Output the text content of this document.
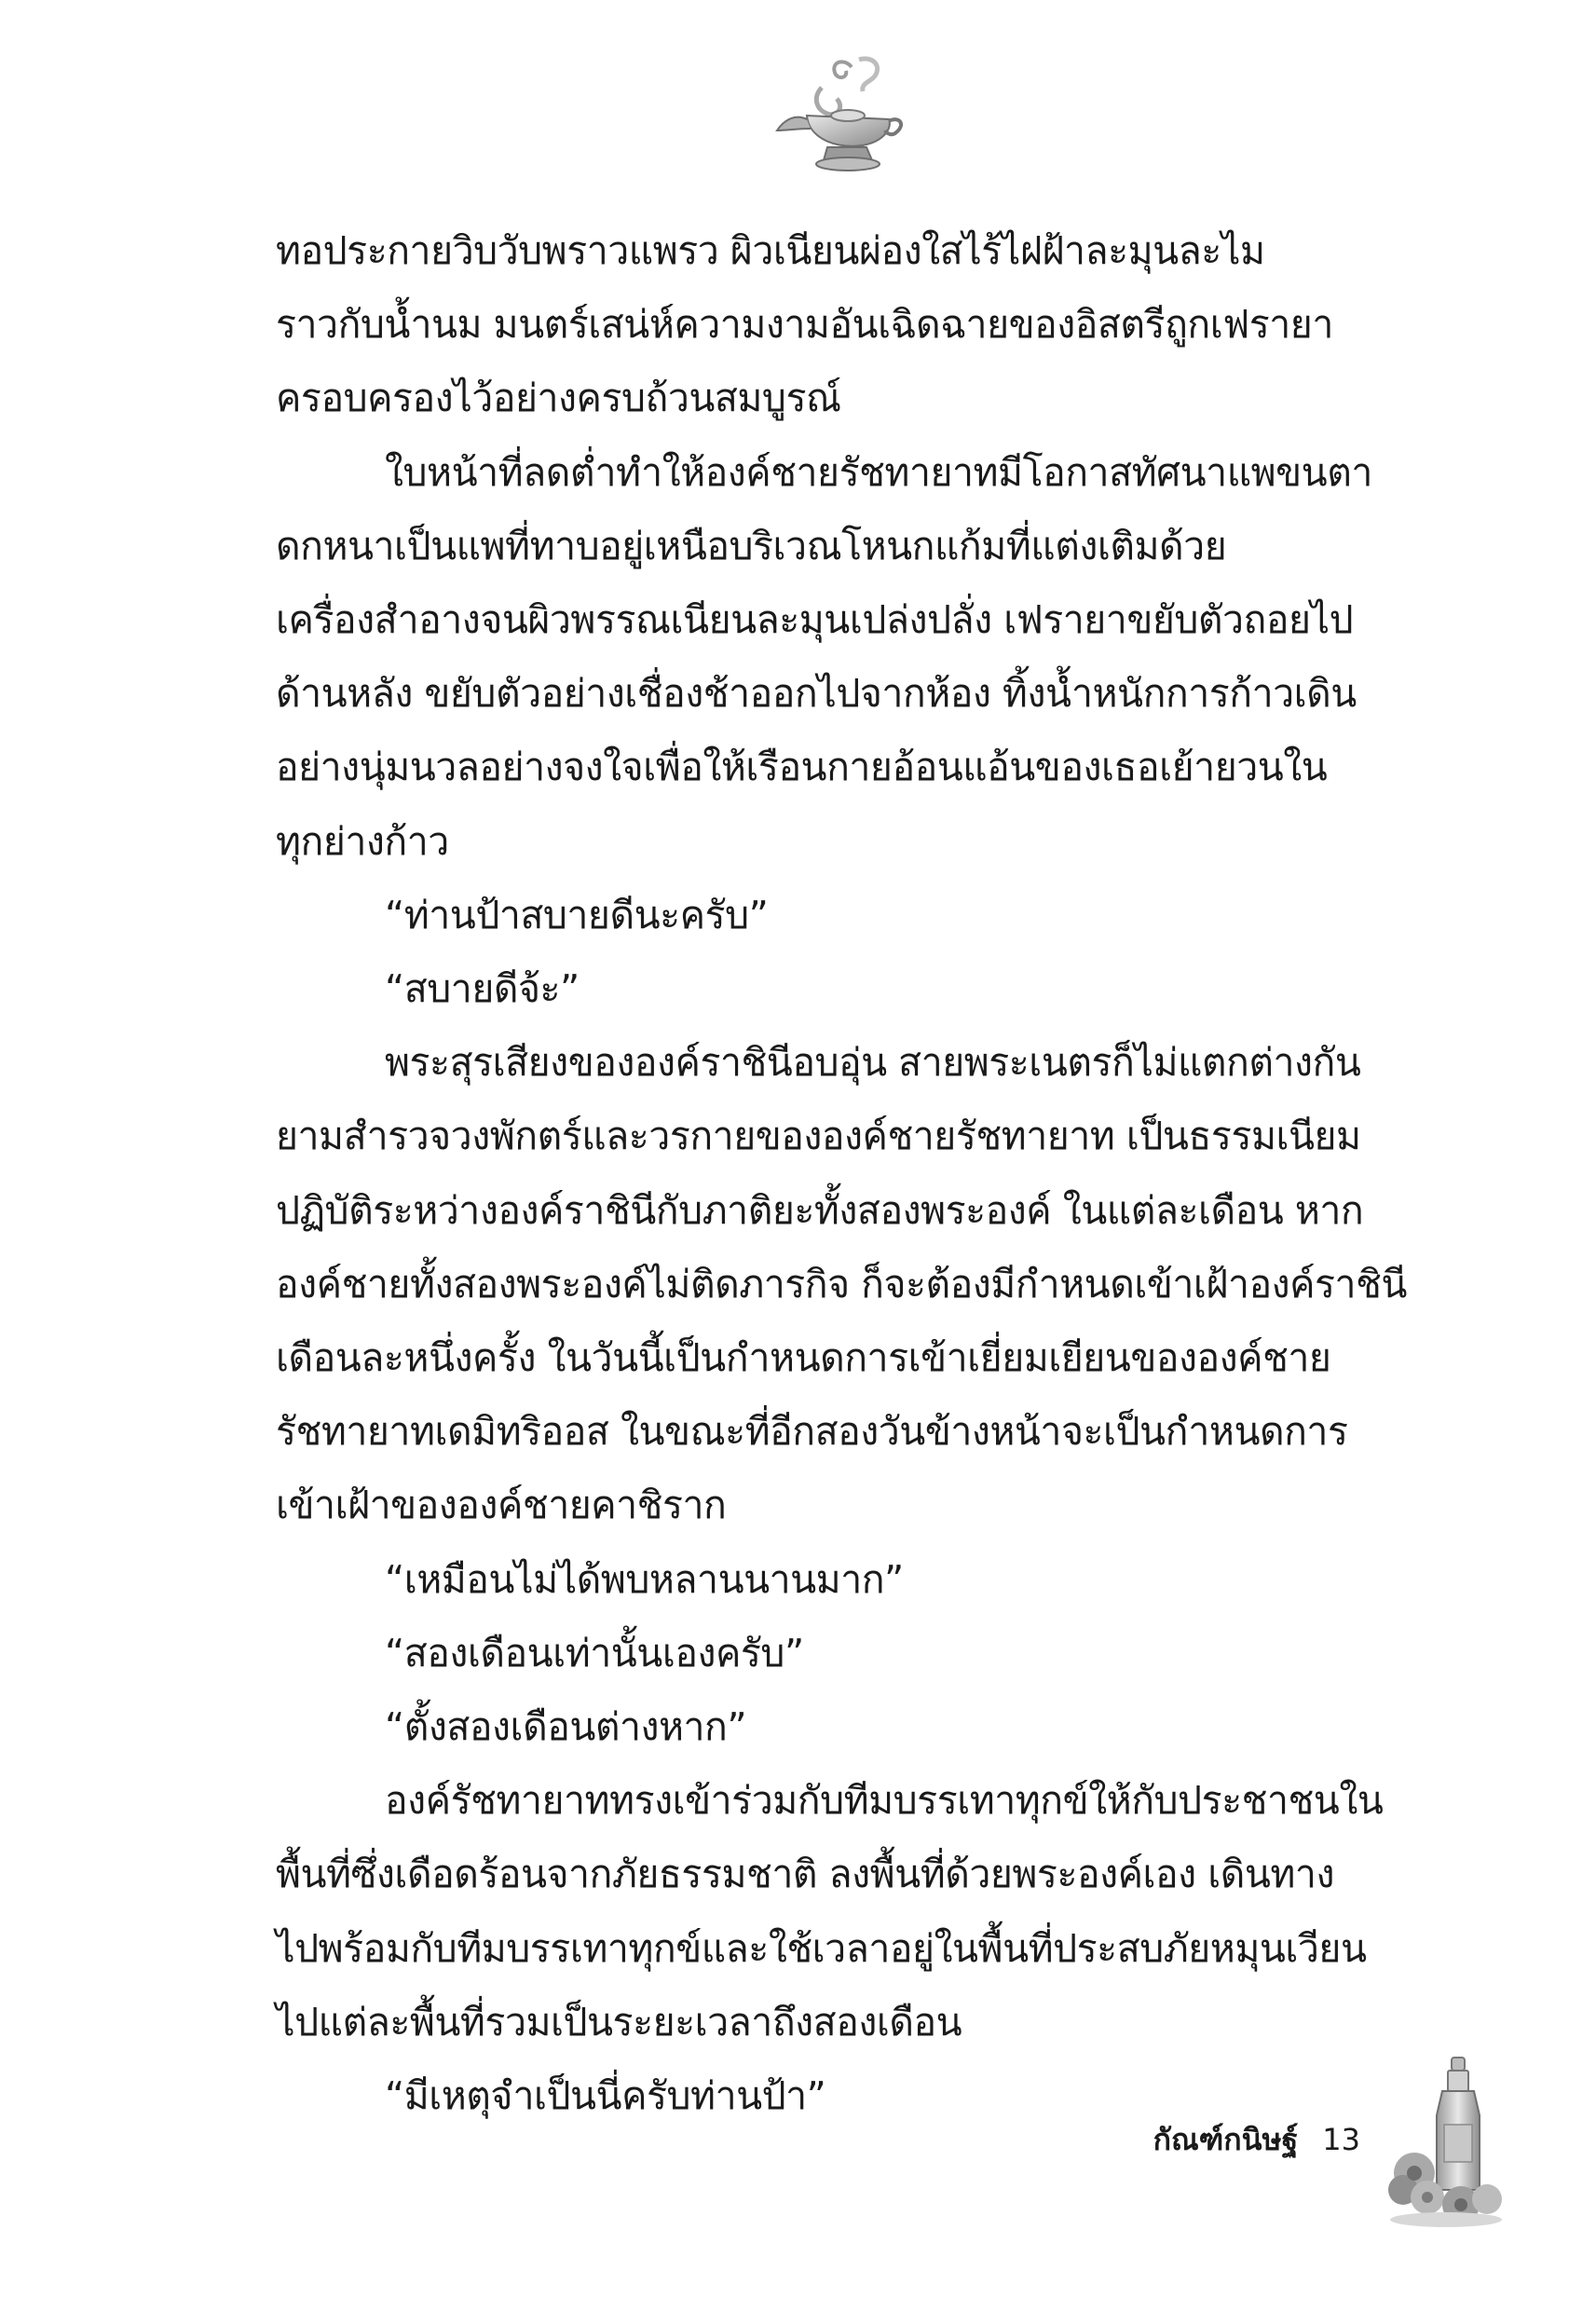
ทอประกายวิบวับพราวแพรว ผิวเนียนผ่องใสไร้ไฝฝ้าละมุนละไม

ราวกับน้ำนม มนตร์เสน่ห์ความงามอันเฉิดฉายของอิสตรีถูกเฟรายา

ครอบครองไว้อย่างครบถ้วนสมบูรณ์

ใบหน้าที่ลดต่ำทำให้องค์ชายรัชทายาทมีโอกาสทัศนาแพขนตา

ดกหนาเป็นแพที่ทาบอยู่เหนือบริเวณโหนกแก้มที่แต่งเติมด้วย

เครื่องสำอางจนผิวพรรณเนียนละมุนเปล่งปลั่ง เฟรายาขยับตัวถอยไป

ด้านหลัง ขยับตัวอย่างเชื่องช้าออกไปจากห้อง ทิ้งน้ำหนักการก้าวเดิน

อย่างนุ่มนวลอย่างจงใจเพื่อให้เรือนกายอ้อนแอ้นของเธอเย้ายวนใน

ทุกย่างก้าว

“ท่านป้าสบายดีนะครับ”

“สบายดีจ้ะ”

พระสุรเสียงขององค์ราชินีอบอุ่น สายพระเนตรก็ไม่แตกต่างกัน

ยามสำรวจวงพักตร์และวรกายขององค์ชายรัชทายาท เป็นธรรมเนียม

ปฏิบัติระหว่างองค์ราชินีกับภาติยะทั้งสองพระองค์ ในแต่ละเดือน หาก

องค์ชายทั้งสองพระองค์ไม่ติดภารกิจ ก็จะต้องมีกำหนดเข้าเฝ้าองค์ราชินี

เดือนละหนึ่งครั้ง ในวันนี้เป็นกำหนดการเข้าเยี่ยมเยียนขององค์ชาย

รัชทายาทเดมิทริออส ในขณะที่อีกสองวันข้างหน้าจะเป็นกำหนดการ

เข้าเฝ้าขององค์ชายคาชิราก

“เหมือนไม่ได้พบหลานนานมาก”

“สองเดือนเท่านั้นเองครับ”

“ตั้งสองเดือนต่างหาก”

องค์รัชทายาททรงเข้าร่วมกับทีมบรรเทาทุกข์ให้กับประชาชนใน

พื้นที่ซึ่งเดือดร้อนจากภัยธรรมชาติ ลงพื้นที่ด้วยพระองค์เอง เดินทาง

ไปพร้อมกับทีมบรรเทาทุกข์และใช้เวลาอยู่ในพื้นที่ประสบภัยหมุนเวียน

ไปแต่ละพื้นที่รวมเป็นระยะเวลาถึงสองเดือน

“มีเหตุจำเป็นนี่ครับท่านป้า”

กัณฑ์กนิษฐ์ 13
